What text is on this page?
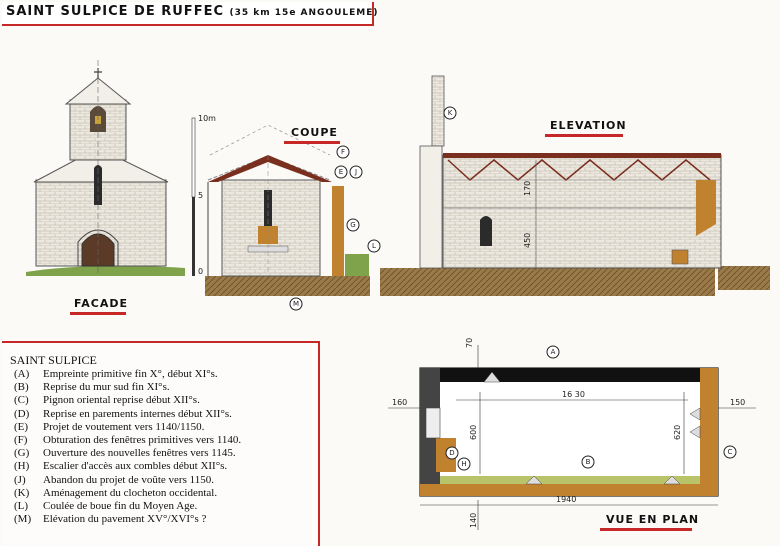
SAINT SULPICE DE RUFFEC (35 km 15e ANGOULEME)
10m
5
0
170
450
70
160
16 30
150
600	620
1940
140
K
F
E J
G
L
M
A
C
D
H	B
FACADE
COUPE
ELEVATION
VUE EN PLAN
SAINT SULPICE
(A)	Empreinte primitive fin X°, début XI°s.
(B)	Reprise du mur sud fin XI°s.
(C)	Pignon oriental reprise début XII°s.
(D)	Reprise en parements internes début XII°s.
(E)	Projet de voutement vers 1140/1150.
(F)	Obturation des fenêtres primitives vers 1140.
(G)	Ouverture des nouvelles fenêtres vers 1145.
(H)	Escalier d'accès aux combles début XII°s.
(J)	Abandon du projet de voûte vers 1150.
(K)	Aménagement du clocheton occidental.
(L)	Coulée de boue fin du Moyen Age.
(M)	Elévation du pavement XV°/XVI°s ?
